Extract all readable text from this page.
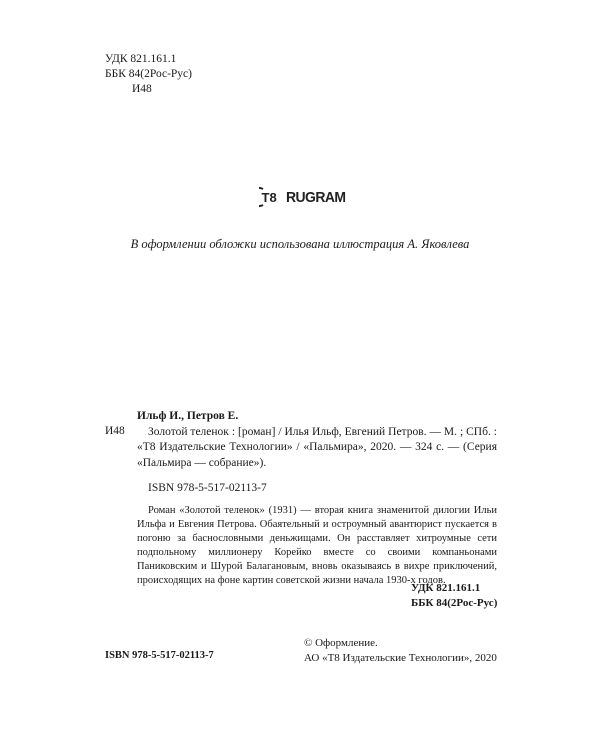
УДК 821.161.1
ББК 84(2Рос-Рус)
И48
T8 RUGRAM
В оформлении обложки использована иллюстрация А. Яковлева
И48
Ильф И., Петров Е.
Золотой теленок : [роман] / Илья Ильф, Евгений Петров. — М. ; СПб. : «Т8 Издательские Технологии» / «Пальмира», 2020. — 324 с. — (Серия «Пальмира — собрание»).
ISBN 978-5-517-02113-7
Роман «Золотой теленок» (1931) — вторая книга знаменитой дилогии Ильи Ильфа и Евгения Петрова. Обаятельный и остроумный авантюрист пускается в погоню за баснословными деньжищами. Он расставляет хитроумные сети подпольному миллионеру Корейко вместе со своими компаньонами Паниковским и Шурой Балагановым, вновь оказываясь в вихре приключений, происходящих на фоне картин советской жизни начала 1930-х годов.
УДК 821.161.1
ББК 84(2Рос-Рус)
ISBN 978-5-517-02113-7
© Оформление.
АО «Т8 Издательские Технологии», 2020
